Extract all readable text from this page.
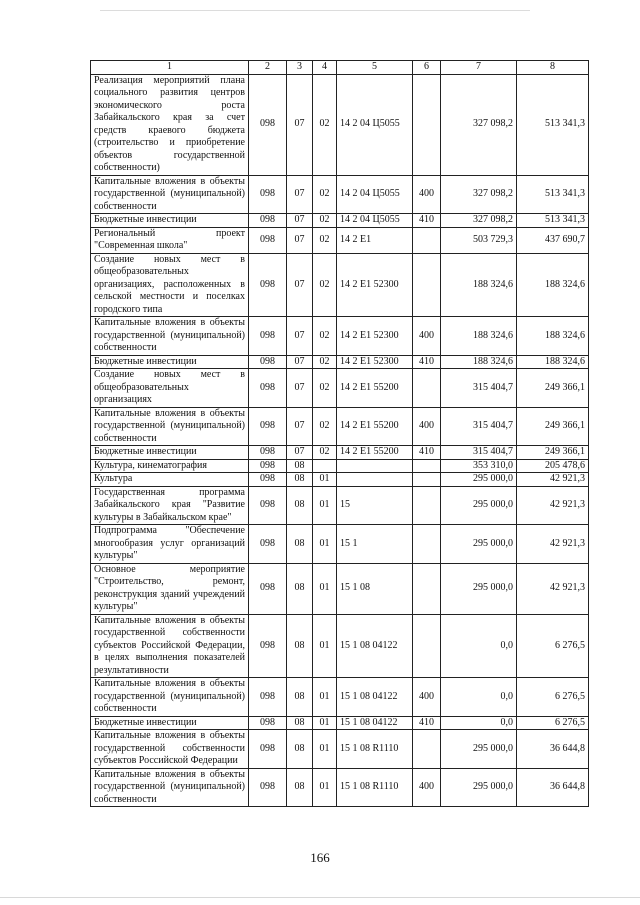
1	2	3	4	5	6	7	8
Реализация мероприятий плана социального развития центров экономического роста Забайкальского края за счет средств краевого бюджета (строительство и приобретение объектов государственной собственности)	098	07	02	14 2 04 Ц5055		327 098,2	513 341,3
Капитальные вложения в объекты государственной (муниципальной) собственности	098	07	02	14 2 04 Ц5055	400	327 098,2	513 341,3
Бюджетные инвестиции	098	07	02	14 2 04 Ц5055	410	327 098,2	513 341,3
Региональный проект "Современная школа"	098	07	02	14 2 E1		503 729,3	437 690,7
Создание новых мест в общеобразовательных организациях, расположенных в сельской местности и поселках городского типа	098	07	02	14 2 E1 52300		188 324,6	188 324,6
Капитальные вложения в объекты государственной (муниципальной) собственности	098	07	02	14 2 E1 52300	400	188 324,6	188 324,6
Бюджетные инвестиции	098	07	02	14 2 E1 52300	410	188 324,6	188 324,6
Создание новых мест в общеобразовательных организациях	098	07	02	14 2 E1 55200		315 404,7	249 366,1
Капитальные вложения в объекты государственной (муниципальной) собственности	098	07	02	14 2 E1 55200	400	315 404,7	249 366,1
Бюджетные инвестиции	098	07	02	14 2 E1 55200	410	315 404,7	249 366,1
Культура, кинематография	098	08				353 310,0	205 478,6
Культура	098	08	01			295 000,0	42 921,3
Государственная программа Забайкальского края "Развитие культуры в Забайкальском крае"	098	08	01	15		295 000,0	42 921,3
Подпрограмма "Обеспечение многообразия услуг организаций культуры"	098	08	01	15 1		295 000,0	42 921,3
Основное мероприятие "Строительство, ремонт, реконструкция зданий учреждений культуры"	098	08	01	15 1 08		295 000,0	42 921,3
Капитальные вложения в объекты государственной собственности субъектов Российской Федерации, в целях выполнения показателей результативности	098	08	01	15 1 08 04122		0,0	6 276,5
Капитальные вложения в объекты государственной (муниципальной) собственности	098	08	01	15 1 08 04122	400	0,0	6 276,5
Бюджетные инвестиции	098	08	01	15 1 08 04122	410	0,0	6 276,5
Капитальные вложения в объекты государственной собственности субъектов Российской Федерации	098	08	01	15 1 08 R1110		295 000,0	36 644,8
Капитальные вложения в объекты государственной (муниципальной) собственности	098	08	01	15 1 08 R1110	400	295 000,0	36 644,8
166
